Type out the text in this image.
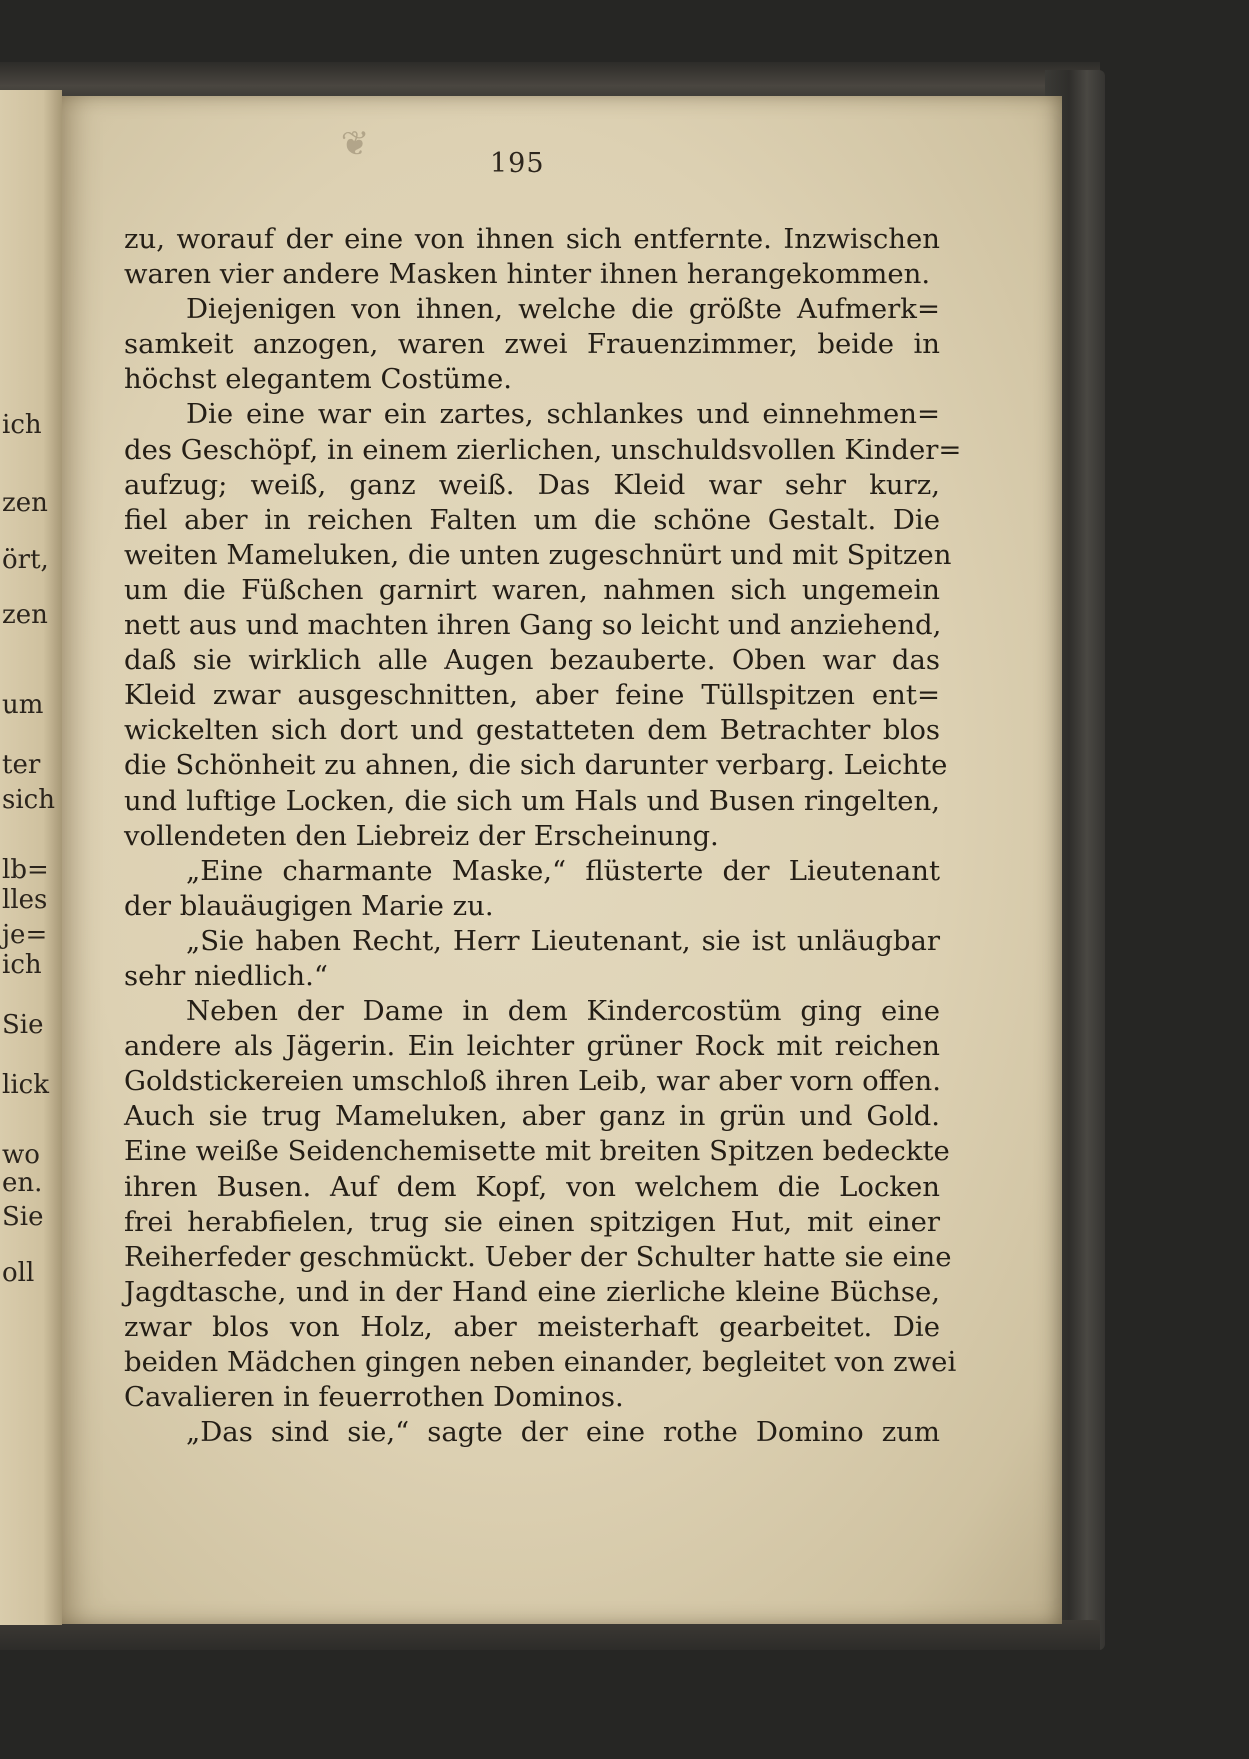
ich
zen
ört,
zen
um
ter
sich
lb=
lles
je=
ich
Sie
lick
wo
en.
Sie
oll
❦	195
zu, worauf der eine von ihnen sich entfernte. Inzwischen
waren vier andere Masken hinter ihnen herangekommen.
Diejenigen von ihnen, welche die größte Aufmerk=
samkeit anzogen, waren zwei Frauenzimmer, beide in
höchst elegantem Costüme.
Die eine war ein zartes, schlankes und einnehmen=
des Geschöpf, in einem zierlichen, unschuldsvollen Kinder=
aufzug; weiß, ganz weiß. Das Kleid war sehr kurz,
fiel aber in reichen Falten um die schöne Gestalt. Die
weiten Mameluken, die unten zugeschnürt und mit Spitzen
um die Füßchen garnirt waren, nahmen sich ungemein
nett aus und machten ihren Gang so leicht und anziehend,
daß sie wirklich alle Augen bezauberte. Oben war das
Kleid zwar ausgeschnitten, aber feine Tüllspitzen ent=
wickelten sich dort und gestatteten dem Betrachter blos
die Schönheit zu ahnen, die sich darunter verbarg. Leichte
und luftige Locken, die sich um Hals und Busen ringelten,
vollendeten den Liebreiz der Erscheinung.
„Eine charmante Maske,“ flüsterte der Lieutenant
der blauäugigen Marie zu.
„Sie haben Recht, Herr Lieutenant, sie ist unläugbar
sehr niedlich.“
Neben der Dame in dem Kindercostüm ging eine
andere als Jägerin. Ein leichter grüner Rock mit reichen
Goldstickereien umschloß ihren Leib, war aber vorn offen.
Auch sie trug Mameluken, aber ganz in grün und Gold.
Eine weiße Seidenchemisette mit breiten Spitzen bedeckte
ihren Busen. Auf dem Kopf, von welchem die Locken
frei herabfielen, trug sie einen spitzigen Hut, mit einer
Reiherfeder geschmückt. Ueber der Schulter hatte sie eine
Jagdtasche, und in der Hand eine zierliche kleine Büchse,
zwar blos von Holz, aber meisterhaft gearbeitet. Die
beiden Mädchen gingen neben einander, begleitet von zwei
Cavalieren in feuerrothen Dominos.
„Das sind sie,“ sagte der eine rothe Domino zum
